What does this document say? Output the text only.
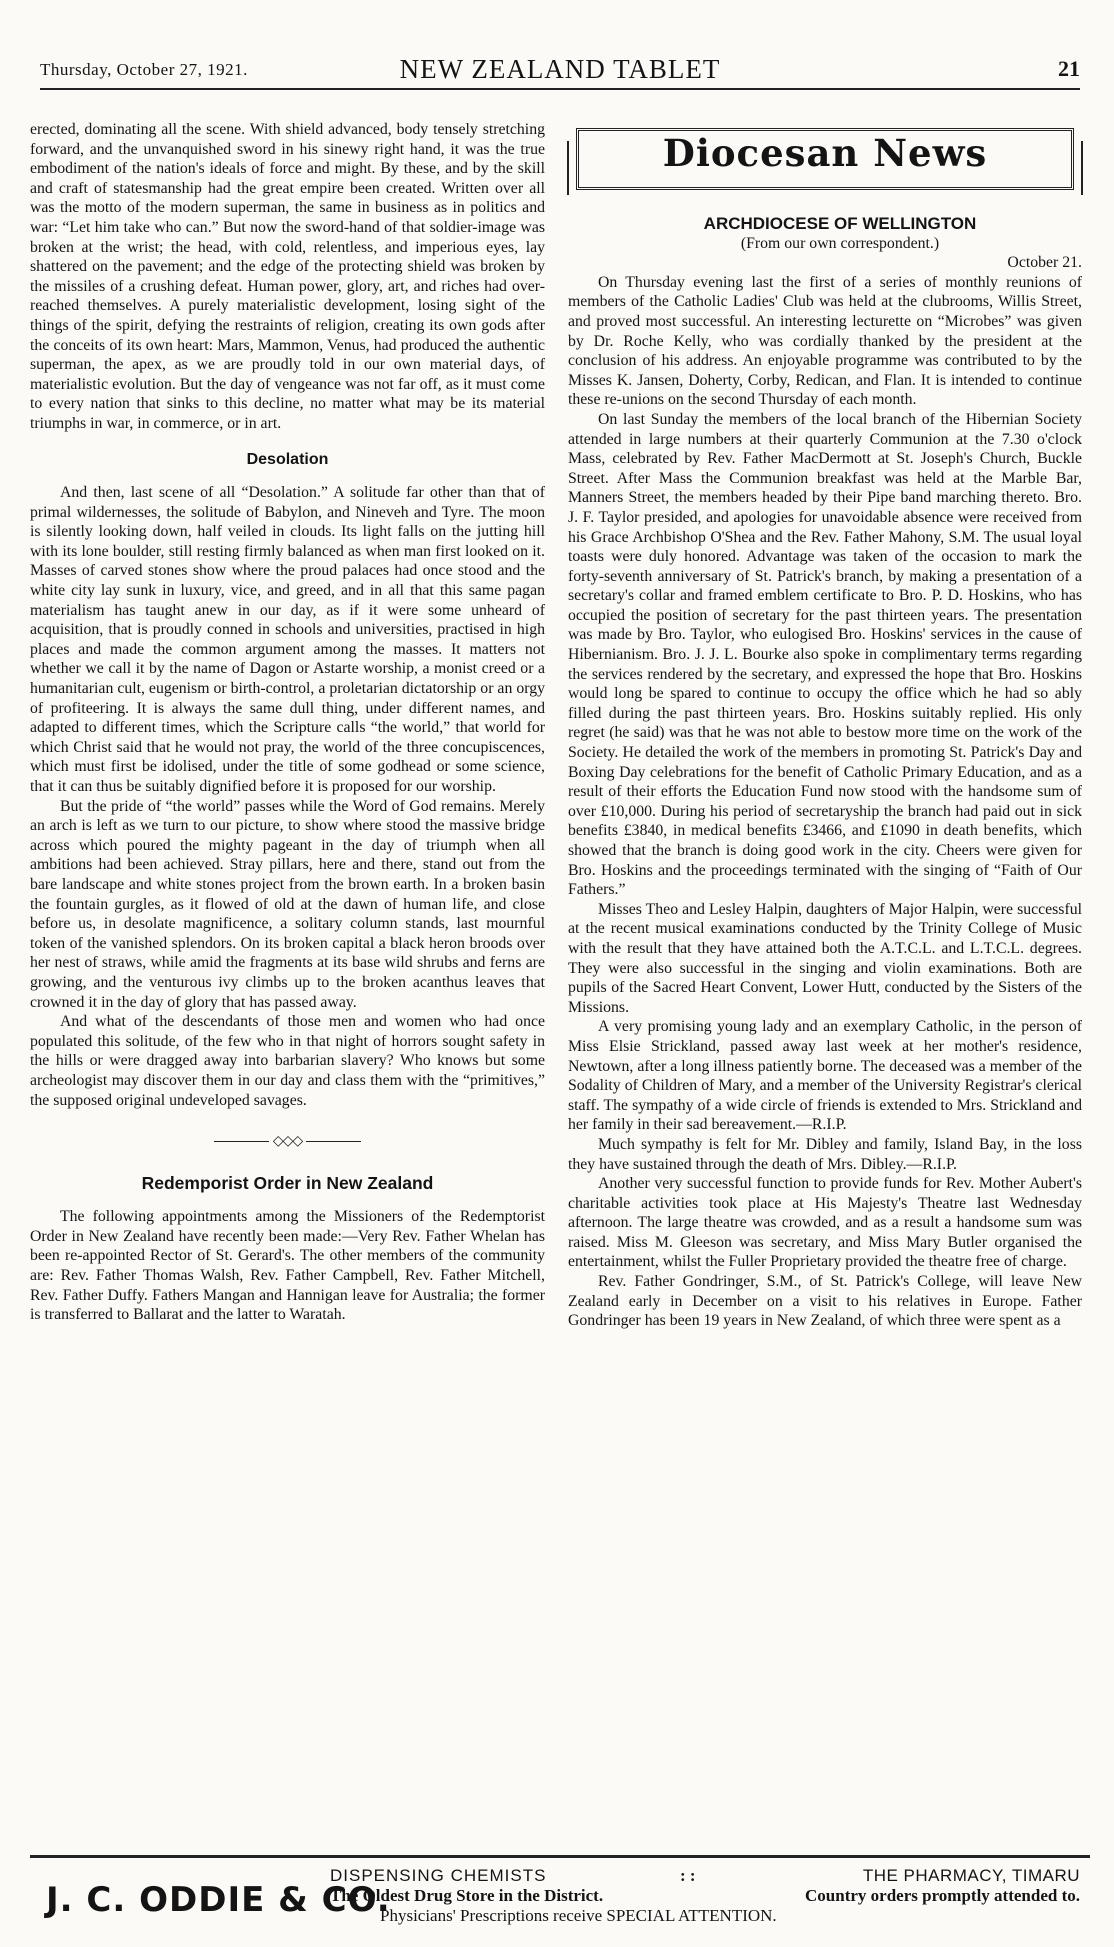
Thursday, October 27, 1921.	NEW ZEALAND TABLET	21

erected, dominating all the scene. With shield advanced, body tensely stretching forward, and the unvanquished sword in his sinewy right hand, it was the true embodiment of the nation's ideals of force and might. By these, and by the skill and craft of statesmanship had the great empire been created. Written over all was the motto of the modern superman, the same in business as in politics and war: “Let him take who can.” But now the sword-hand of that soldier-image was broken at the wrist; the head, with cold, relentless, and imperious eyes, lay shattered on the pavement; and the edge of the protecting shield was broken by the missiles of a crushing defeat. Human power, glory, art, and riches had over-reached themselves. A purely materialistic development, losing sight of the things of the spirit, defying the restraints of religion, creating its own gods after the conceits of its own heart: Mars, Mammon, Venus, had produced the authentic superman, the apex, as we are proudly told in our own material days, of materialistic evolution. But the day of vengeance was not far off, as it must come to every nation that sinks to this decline, no matter what may be its material triumphs in war, in commerce, or in art.

Desolation

And then, last scene of all “Desolation.” A solitude far other than that of primal wildernesses, the solitude of Babylon, and Nineveh and Tyre. The moon is silently looking down, half veiled in clouds. Its light falls on the jutting hill with its lone boulder, still resting firmly balanced as when man first looked on it. Masses of carved stones show where the proud palaces had once stood and the white city lay sunk in luxury, vice, and greed, and in all that this same pagan materialism has taught anew in our day, as if it were some unheard of acquisition, that is proudly conned in schools and universities, practised in high places and made the common argument among the masses. It matters not whether we call it by the name of Dagon or Astarte worship, a monist creed or a humanitarian cult, eugenism or birth-control, a proletarian dictatorship or an orgy of profiteering. It is always the same dull thing, under different names, and adapted to different times, which the Scripture calls “the world,” that world for which Christ said that he would not pray, the world of the three concupiscences, which must first be idolised, under the title of some godhead or some science, that it can thus be suitably dignified before it is proposed for our worship.

But the pride of “the world” passes while the Word of God remains. Merely an arch is left as we turn to our picture, to show where stood the massive bridge across which poured the mighty pageant in the day of triumph when all ambitions had been achieved. Stray pillars, here and there, stand out from the bare landscape and white stones project from the brown earth. In a broken basin the fountain gurgles, as it flowed of old at the dawn of human life, and close before us, in desolate magnificence, a solitary column stands, last mournful token of the vanished splendors. On its broken capital a black heron broods over her nest of straws, while amid the fragments at its base wild shrubs and ferns are growing, and the venturous ivy climbs up to the broken acanthus leaves that crowned it in the day of glory that has passed away.

And what of the descendants of those men and women who had once populated this solitude, of the few who in that night of horrors sought safety in the hills or were dragged away into barbarian slavery? Who knows but some archeologist may discover them in our day and class them with the “primitives,” the supposed original undeveloped savages.

◇◇◇
Redemporist Order in New Zealand

The following appointments among the Missioners of the Redemptorist Order in New Zealand have recently been made:—Very Rev. Father Whelan has been re-appointed Rector of St. Gerard's. The other members of the community are: Rev. Father Thomas Walsh, Rev. Father Campbell, Rev. Father Mitchell, Rev. Father Duffy. Fathers Mangan and Hannigan leave for Australia; the former is transferred to Ballarat and the latter to Waratah.

Diocesan News

ARCHDIOCESE OF WELLINGTON

(From our own correspondent.)

October 21.

On Thursday evening last the first of a series of monthly reunions of members of the Catholic Ladies' Club was held at the clubrooms, Willis Street, and proved most successful. An interesting lecturette on “Microbes” was given by Dr. Roche Kelly, who was cordially thanked by the president at the conclusion of his address. An enjoyable programme was contributed to by the Misses K. Jansen, Doherty, Corby, Redican, and Flan. It is intended to continue these re-unions on the second Thursday of each month.

On last Sunday the members of the local branch of the Hibernian Society attended in large numbers at their quarterly Communion at the 7.30 o'clock Mass, celebrated by Rev. Father MacDermott at St. Joseph's Church, Buckle Street. After Mass the Communion breakfast was held at the Marble Bar, Manners Street, the members headed by their Pipe band marching thereto. Bro. J. F. Taylor presided, and apologies for unavoidable absence were received from his Grace Archbishop O'Shea and the Rev. Father Mahony, S.M. The usual loyal toasts were duly honored. Advantage was taken of the occasion to mark the forty-seventh anniversary of St. Patrick's branch, by making a presentation of a secretary's collar and framed emblem certificate to Bro. P. D. Hoskins, who has occupied the position of secretary for the past thirteen years. The presentation was made by Bro. Taylor, who eulogised Bro. Hoskins' services in the cause of Hibernianism. Bro. J. J. L. Bourke also spoke in complimentary terms regarding the services rendered by the secretary, and expressed the hope that Bro. Hoskins would long be spared to continue to occupy the office which he had so ably filled during the past thirteen years. Bro. Hoskins suitably replied. His only regret (he said) was that he was not able to bestow more time on the work of the Society. He detailed the work of the members in promoting St. Patrick's Day and Boxing Day celebrations for the benefit of Catholic Primary Education, and as a result of their efforts the Education Fund now stood with the handsome sum of over £10,000. During his period of secretaryship the branch had paid out in sick benefits £3840, in medical benefits £3466, and £1090 in death benefits, which showed that the branch is doing good work in the city. Cheers were given for Bro. Hoskins and the proceedings terminated with the singing of “Faith of Our Fathers.”

Misses Theo and Lesley Halpin, daughters of Major Halpin, were successful at the recent musical examinations conducted by the Trinity College of Music with the result that they have attained both the A.T.C.L. and L.T.C.L. degrees. They were also successful in the singing and violin examinations. Both are pupils of the Sacred Heart Convent, Lower Hutt, conducted by the Sisters of the Missions.

A very promising young lady and an exemplary Catholic, in the person of Miss Elsie Strickland, passed away last week at her mother's residence, Newtown, after a long illness patiently borne. The deceased was a member of the Sodality of Children of Mary, and a member of the University Registrar's clerical staff. The sympathy of a wide circle of friends is extended to Mrs. Strickland and her family in their sad bereavement.—R.I.P.

Much sympathy is felt for Mr. Dibley and family, Island Bay, in the loss they have sustained through the death of Mrs. Dibley.—R.I.P.

Another very successful function to provide funds for Rev. Mother Aubert's charitable activities took place at His Majesty's Theatre last Wednesday afternoon. The large theatre was crowded, and as a result a handsome sum was raised. Miss M. Gleeson was secretary, and Miss Mary Butler organised the entertainment, whilst the Fuller Proprietary provided the theatre free of charge.

Rev. Father Gondringer, S.M., of St. Patrick's College, will leave New Zealand early in December on a visit to his relatives in Europe. Father Gondringer has been 19 years in New Zealand, of which three were spent as a

J. C. ODDIE & CO.
DISPENSING CHEMISTS
The Oldest Drug Store in the District.
Physicians' Prescriptions receive SPECIAL ATTENTION.
: :	THE PHARMACY, TIMARU
Country orders promptly attended to.
